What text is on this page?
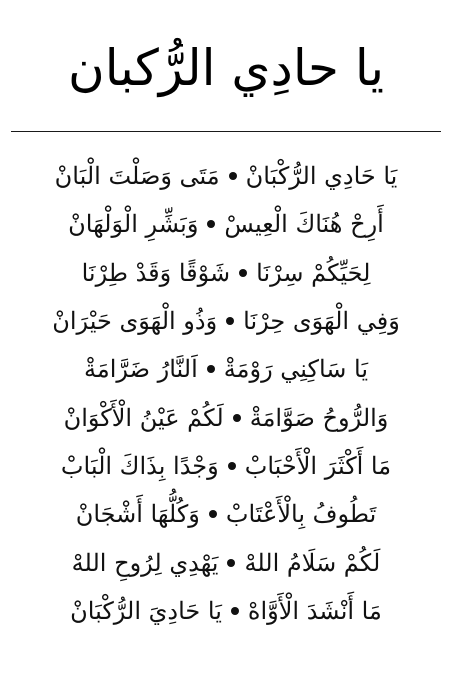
يا حادِي الرُّكبان
يَا حَادِي الرُّكْبَانْ
مَتَى وَصَلْتَ الْبَانْ
أَرِحْ هُنَاكَ الْعِيسْ
وَبَشِّرِ الْوَلْهَانْ
لِحَيِّكُمْ سِرْنَا
شَوْقًا وَقَدْ طِرْنَا
وَفِي الْهَوَى حِرْنَا
وَذُو الْهَوَى حَيْرَانْ
يَا سَاكِنِي رَوْمَةْ
اَلنَّارُ ضَرَّامَةْ
وَالرُّوحُ صَوَّامَةْ
لَكُمْ عَيْنُ الْأَكْوَانْ
مَا أَكْثَرَ الْأَحْبَابْ
وَجْدًا بِذَاكَ الْبَابْ
تَطُوفُ بِالْأَعْتَابْ
وَكُلُّهَا أَشْجَانْ
لَكُمْ سَلَامُ اللهْ
يَهْدِي لِرُوحِ اللهْ
مَا أَنْشَدَ الْأَوَّاهْ
يَا حَادِيَ الرُّكْبَانْ
